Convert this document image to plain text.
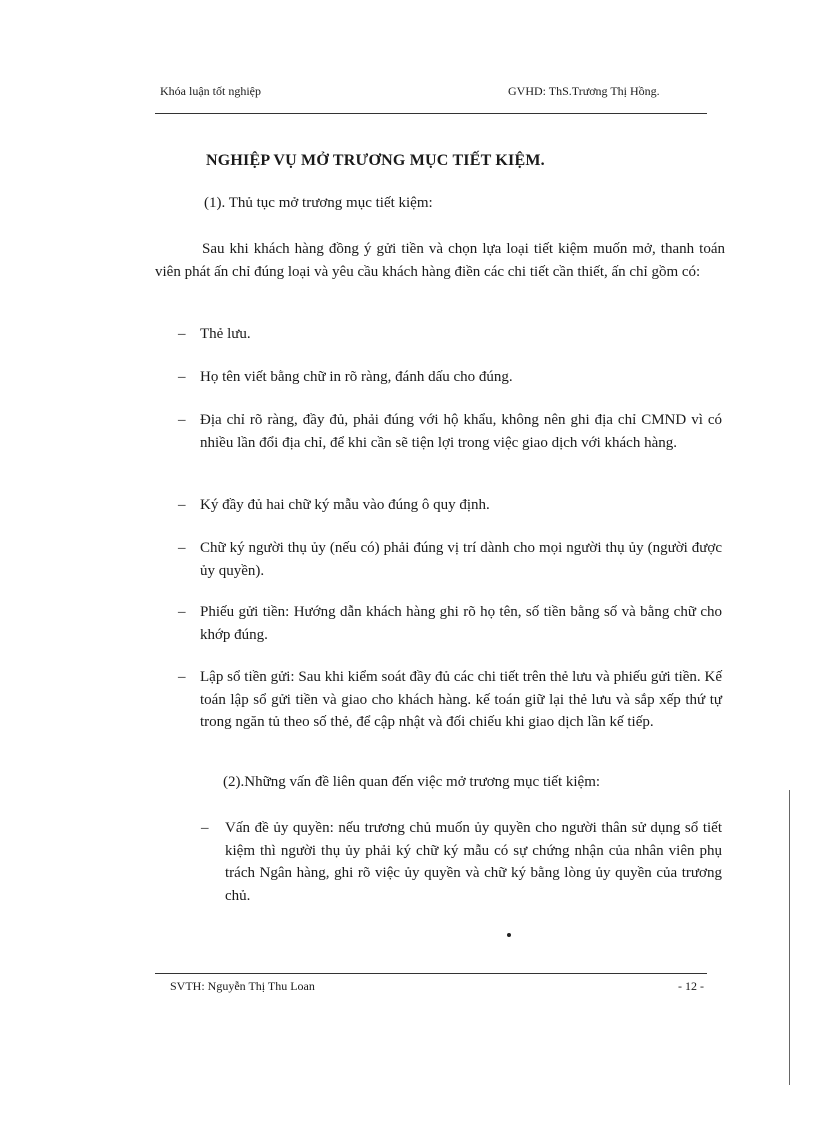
Khóa luận tốt nghiệp	GVHD: ThS.Trương Thị Hồng.
NGHIỆP VỤ MỞ TRƯƠNG MỤC TIẾT KIỆM.
(1). Thủ tục mở trương mục tiết kiệm:

Sau khi khách hàng đồng ý gửi tiền và chọn lựa loại tiết kiệm muốn mở, thanh toán viên phát ấn chỉ đúng loại và yêu cầu khách hàng điền các chi tiết cần thiết, ấn chỉ gồm có:

– Thẻ lưu.

– Họ tên viết bằng chữ in rõ ràng, đánh dấu cho đúng.

– Địa chỉ rõ ràng, đầy đủ, phải đúng với hộ khẩu, không nên ghi địa chỉ CMND vì có nhiều lần đổi địa chỉ, để khi cần sẽ tiện lợi trong việc giao dịch với khách hàng.

– Ký đầy đủ hai chữ ký mẫu vào đúng ô quy định.

– Chữ ký người thụ ủy (nếu có) phải đúng vị trí dành cho mọi người thụ ủy (người được ủy quyền).

– Phiếu gửi tiền: Hướng dẫn khách hàng ghi rõ họ tên, số tiền bằng số và bằng chữ cho khớp đúng.

– Lập sổ tiền gửi: Sau khi kiểm soát đầy đủ các chi tiết trên thẻ lưu và phiếu gửi tiền. Kế toán lập sổ gửi tiền và giao cho khách hàng. kế toán giữ lại thẻ lưu và sắp xếp thứ tự trong ngăn tủ theo số thẻ, để cập nhật và đối chiếu khi giao dịch lần kế tiếp.

(2).Những vấn đề liên quan đến việc mở trương mục tiết kiệm:
– Vấn đề ủy quyền: nếu trương chủ muốn ủy quyền cho người thân sử dụng sổ tiết kiệm thì người thụ ủy phải ký chữ ký mẫu có sự chứng nhận của nhân viên phụ trách Ngân hàng, ghi rõ việc ủy quyền và chữ ký bằng lòng ủy quyền của trương chủ.

SVTH: Nguyễn Thị Thu Loan	- 12 -
